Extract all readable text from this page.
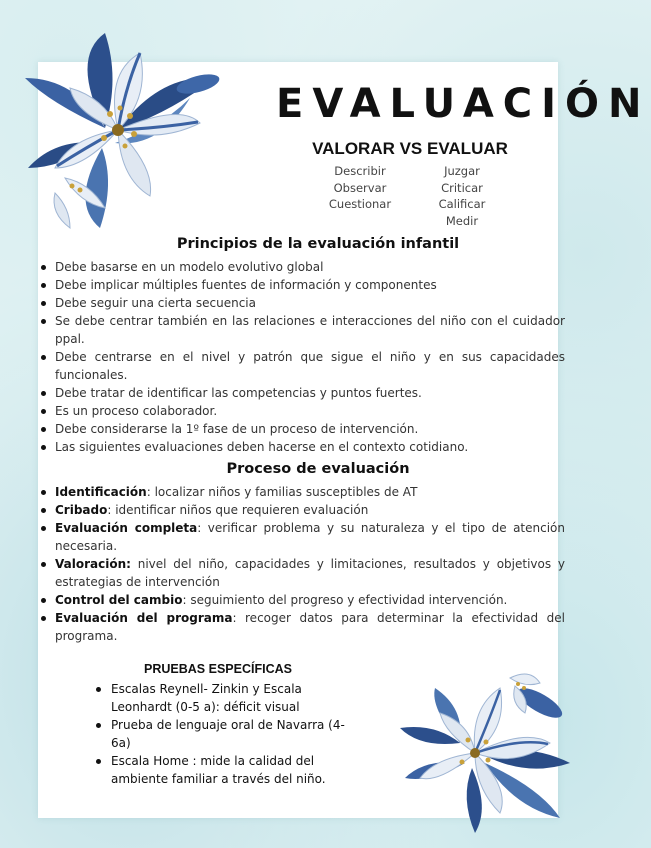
EVALUACIÓN
VALORAR VS EVALUAR
Describir
Observar
Cuestionar
Juzgar
Criticar
Calificar
Medir
Principios de la evaluación infantil
Debe basarse en un modelo evolutivo global
Debe implicar múltiples fuentes de información y componentes
Debe seguir una cierta secuencia
Se debe centrar también en las relaciones e interacciones del niño con el cuidador ppal.
Debe centrarse en el nivel y patrón que sigue el niño y en sus capacidades funcionales.
Debe tratar de identificar las competencias y puntos fuertes.
Es un proceso colaborador.
Debe considerarse la 1º fase de un proceso de intervención.
Las siguientes evaluaciones deben hacerse en el contexto cotidiano.
Proceso de evaluación
Identificación: localizar niños y familias susceptibles de AT
Cribado: identificar niños que requieren evaluación
Evaluación completa: verificar problema y su naturaleza y el tipo de atención necesaria.
Valoración: nivel del niño, capacidades y limitaciones, resultados y objetivos y estrategias de intervención
Control del cambio: seguimiento del progreso y efectividad intervención.
Evaluación del programa: recoger datos para determinar la efectividad del programa.
PRUEBAS ESPECÍFICAS
Escalas Reynell- Zinkin y Escala Leonhardt (0-5 a): déficit visual
Prueba de lenguaje oral de Navarra (4-6a)
Escala Home : mide la calidad del ambiente familiar a través del niño.
